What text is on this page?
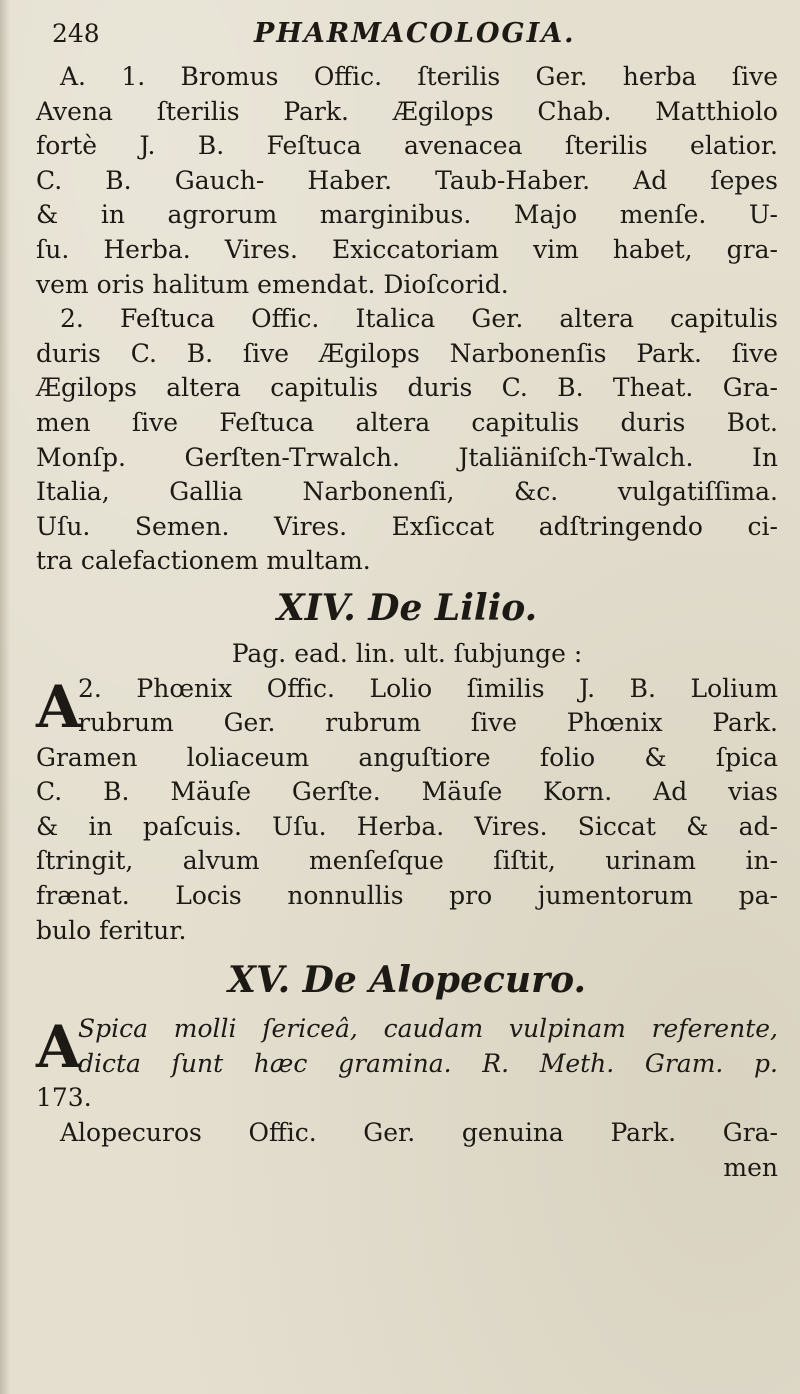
248	PHARMACOLOGIA.
A. 1. Bromus Offic. ſterilis Ger. herba ſive
Avena ſterilis Park. Ægilops Chab. Matthiolo
fortè J. B. Feſtuca avenacea ſterilis elatior.
C. B. Gauch- Haber. Taub-Haber. Ad ſepes
& in agrorum marginibus. Majo menſe. U-
ſu. Herba. Vires. Exiccatoriam vim habet, gra-
vem oris halitum emendat. Dioſcorid.
2. Feſtuca Offic. Italica Ger. altera capitulis
duris C. B. ſive Ægilops Narbonenſis Park. ſive
Ægilops altera capitulis duris C. B. Theat. Gra-
men ſive Feſtuca altera capitulis duris Bot.
Monſp. Gerſten-Trwalch. Jtaliäniſch-Twalch. In
Italia, Gallia Narbonenſi, &c. vulgatiſſima.
Uſu. Semen. Vires. Exſiccat adſtringendo ci-
tra calefactionem multam.
XIV. De Lilio.
Pag. ead. lin. ult. ſubjunge :
A
2. Phœnix Offic. Lolio ſimilis J. B. Lolium
rubrum Ger. rubrum ſive Phœnix Park.
Gramen loliaceum anguſtiore folio & ſpica
C. B. Mäuſe Gerſte. Mäuſe Korn. Ad vias
& in paſcuis. Uſu. Herba. Vires. Siccat & ad-
ſtringit, alvum menſeſque ſiſtit, urinam in-
frænat. Locis nonnullis pro jumentorum pa-
bulo feritur.
XV. De Alopecuro.
A
Spica molli ſericeâ, caudam vulpinam referente,
dicta ſunt hæc gramina. R. Meth. Gram. p.
173.
Alopecuros Offic. Ger. genuina Park. Gra-
men
